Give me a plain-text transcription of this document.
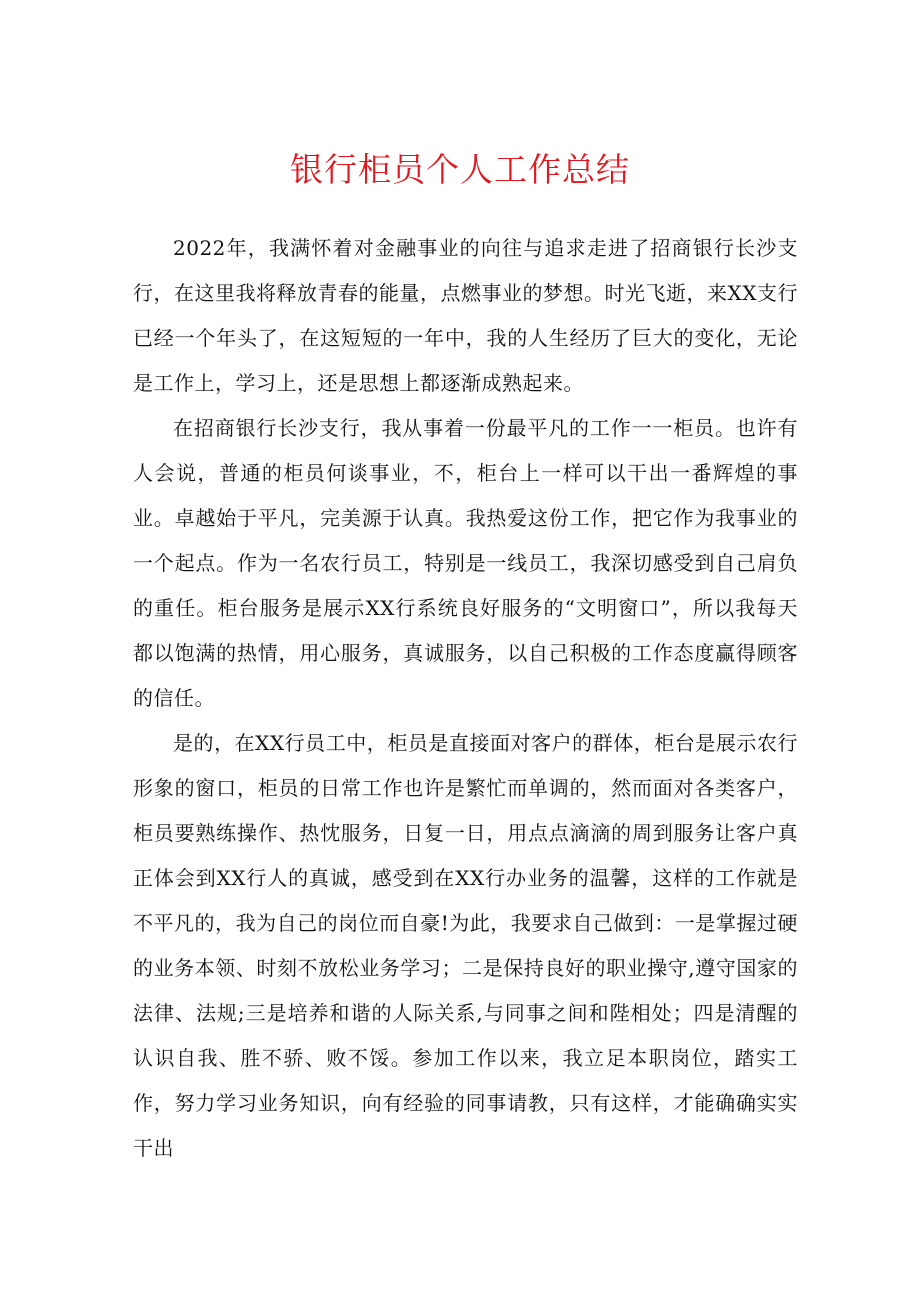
银行柜员个人工作总结

2022年，我满怀着对金融事业的向往与追求走进了招商银行长沙支行，在这里我将释放青春的能量，点燃事业的梦想。时光飞逝，来XX支行已经一个年头了，在这短短的一年中，我的人生经历了巨大的变化，无论是工作上，学习上，还是思想上都逐渐成熟起来。

在招商银行长沙支行，我从事着一份最平凡的工作一一柜员。也许有人会说，普通的柜员何谈事业，不，柜台上一样可以干出一番辉煌的事业。卓越始于平凡，完美源于认真。我热爱这份工作，把它作为我事业的一个起点。作为一名农行员工，特别是一线员工，我深切感受到自己肩负的重任。柜台服务是展示XX行系统良好服务的“文明窗口”，所以我每天都以饱满的热情，用心服务，真诚服务，以自己积极的工作态度赢得顾客的信任。

是的，在XX行员工中，柜员是直接面对客户的群体，柜台是展示农行形象的窗口，柜员的日常工作也许是繁忙而单调的，然而面对各类客户，柜员要熟练操作、热忱服务，日复一日，用点点滴滴的周到服务让客户真正体会到XX行人的真诚，感受到在XX行办业务的温馨，这样的工作就是不平凡的，我为自己的岗位而自豪!为此，我要求自己做到：一是掌握过硬的业务本领、时刻不放松业务学习；二是保持良好的职业操守,遵守国家的法律、法规;三是培养和谐的人际关系,与同事之间和陛相处；四是清醒的认识自我、胜不骄、败不馁。参加工作以来，我立足本职岗位，踏实工作，努力学习业务知识，向有经验的同事请教，只有这样，才能确确实实干出
